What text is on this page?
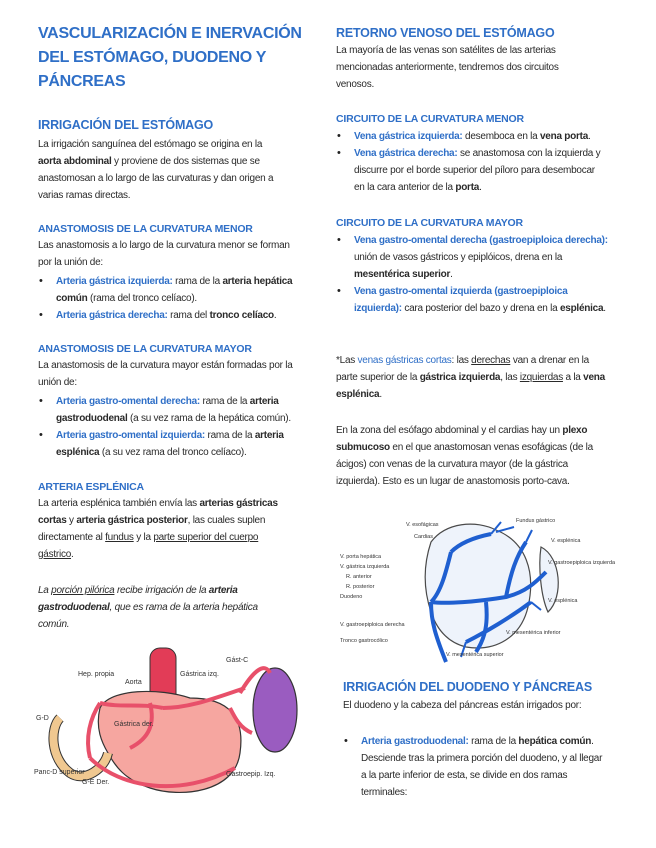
VASCULARIZACIÓN E INERVACIÓN
DEL ESTÓMAGO, DUODENO Y
PÁNCREAS
IRRIGACIÓN DEL ESTÓMAGO
La irrigación sanguínea del estómago se origina en la aorta abdominal y proviene de dos sistemas que se anastomosan a lo largo de las curvaturas y dan origen a varias ramas directas.
ANASTOMOSIS DE LA CURVATURA MENOR
Las anastomosis a lo largo de la curvatura menor se forman por la unión de:
• Arteria gástrica izquierda: rama de la arteria hepática común (rama del tronco celíaco).
• Arteria gástrica derecha: rama del tronco celíaco.
ANASTOMOSIS DE LA CURVATURA MAYOR
La anastomosis de la curvatura mayor están formadas por la unión de:
• Arteria gastro-omental derecha: rama de la arteria gastroduodenal (a su vez rama de la hepática común).
• Arteria gastro-omental izquierda: rama de la arteria esplénica (a su vez rama del tronco celíaco).
ARTERIA ESPLÉNICA
La arteria esplénica también envía las arterias gástricas cortas y arteria gástrica posterior, las cuales suplen directamente al fundus y la parte superior del cuerpo gástrico.
La porción pilórica recibe irrigación de la arteria gastroduodenal, que es rama de la arteria hepática común.
G-D
Hep. propia
Aorta
Gástrica izq.
Gást-C
Gástrica der.
Panc-D superior
G-E Der.
Gastroepip. Izq.
RETORNO VENOSO DEL ESTÓMAGO
La mayoría de las venas son satélites de las arterias mencionadas anteriormente, tendremos dos circuitos venosos.
CIRCUITO DE LA CURVATURA MENOR
• Vena gástrica izquierda: desemboca en la vena porta.
• Vena gástrica derecha: se anastomosa con la izquierda y discurre por el borde superior del píloro para desembocar en la cara anterior de la porta.
CIRCUITO DE LA CURVATURA MAYOR
• Vena gastro-omental derecha (gastroepiploica derecha): unión de vasos gástricos y epiplóicos, drena en la mesentérica superior.
• Vena gastro-omental izquierda (gastroepiploica izquierda): cara posterior del bazo y drena en la esplénica.
*Las venas gástricas cortas: las derechas van a drenar en la parte superior de la gástrica izquierda, las izquierdas a la vena esplénica.
En la zona del esófago abdominal y el cardias hay un plexo submucoso en el que anastomosan venas esofágicas (de la ácigos) con venas de la curvatura mayor (de la gástrica izquierda). Esto es un lugar de anastomosis porto-cava.
V. esofágicas
Cardias
Fundus gástrico
V. porta hepática
V. gástrica izquierda
R. anterior
R. posterior
Duodeno
V. esplénica
V. gastroepiploica izquierda
V. esplénica
V. gastroepiploica derecha
Tronco gastrocólico
V. mesentérica superior
V. mesentérica inferior
IRRIGACIÓN DEL DUODENO Y PÁNCREAS
El duodeno y la cabeza del páncreas están irrigados por:
• Arteria gastroduodenal: rama de la hepática común. Desciende tras la primera porción del duodeno, y al llegar a la parte inferior de esta, se divide en dos ramas terminales:
